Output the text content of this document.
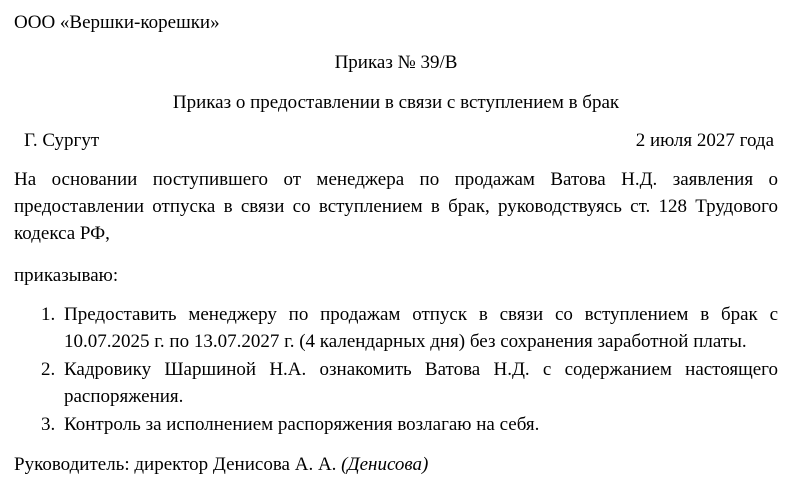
ООО «Вершки-корешки»
Приказ № 39/В
Приказ о предоставлении в связи с вступлением в брак
Г. Сургут	2 июля 2027 года
На основании поступившего от менеджера по продажам Ватова Н.Д. заявления о предоставлении отпуска в связи со вступлением в брак, руководствуясь ст. 128 Трудового кодекса РФ,
приказываю:
1. Предоставить менеджеру по продажам отпуск в связи со вступлением в брак с 10.07.2025 г. по 13.07.2027 г. (4 календарных дня) без сохранения заработной платы.
2. Кадровику Шаршиной Н.А. ознакомить Ватова Н.Д. с содержанием настоящего распоряжения.
3. Контроль за исполнением распоряжения возлагаю на себя.
Руководитель: директор Денисова А. А. (Денисова)
